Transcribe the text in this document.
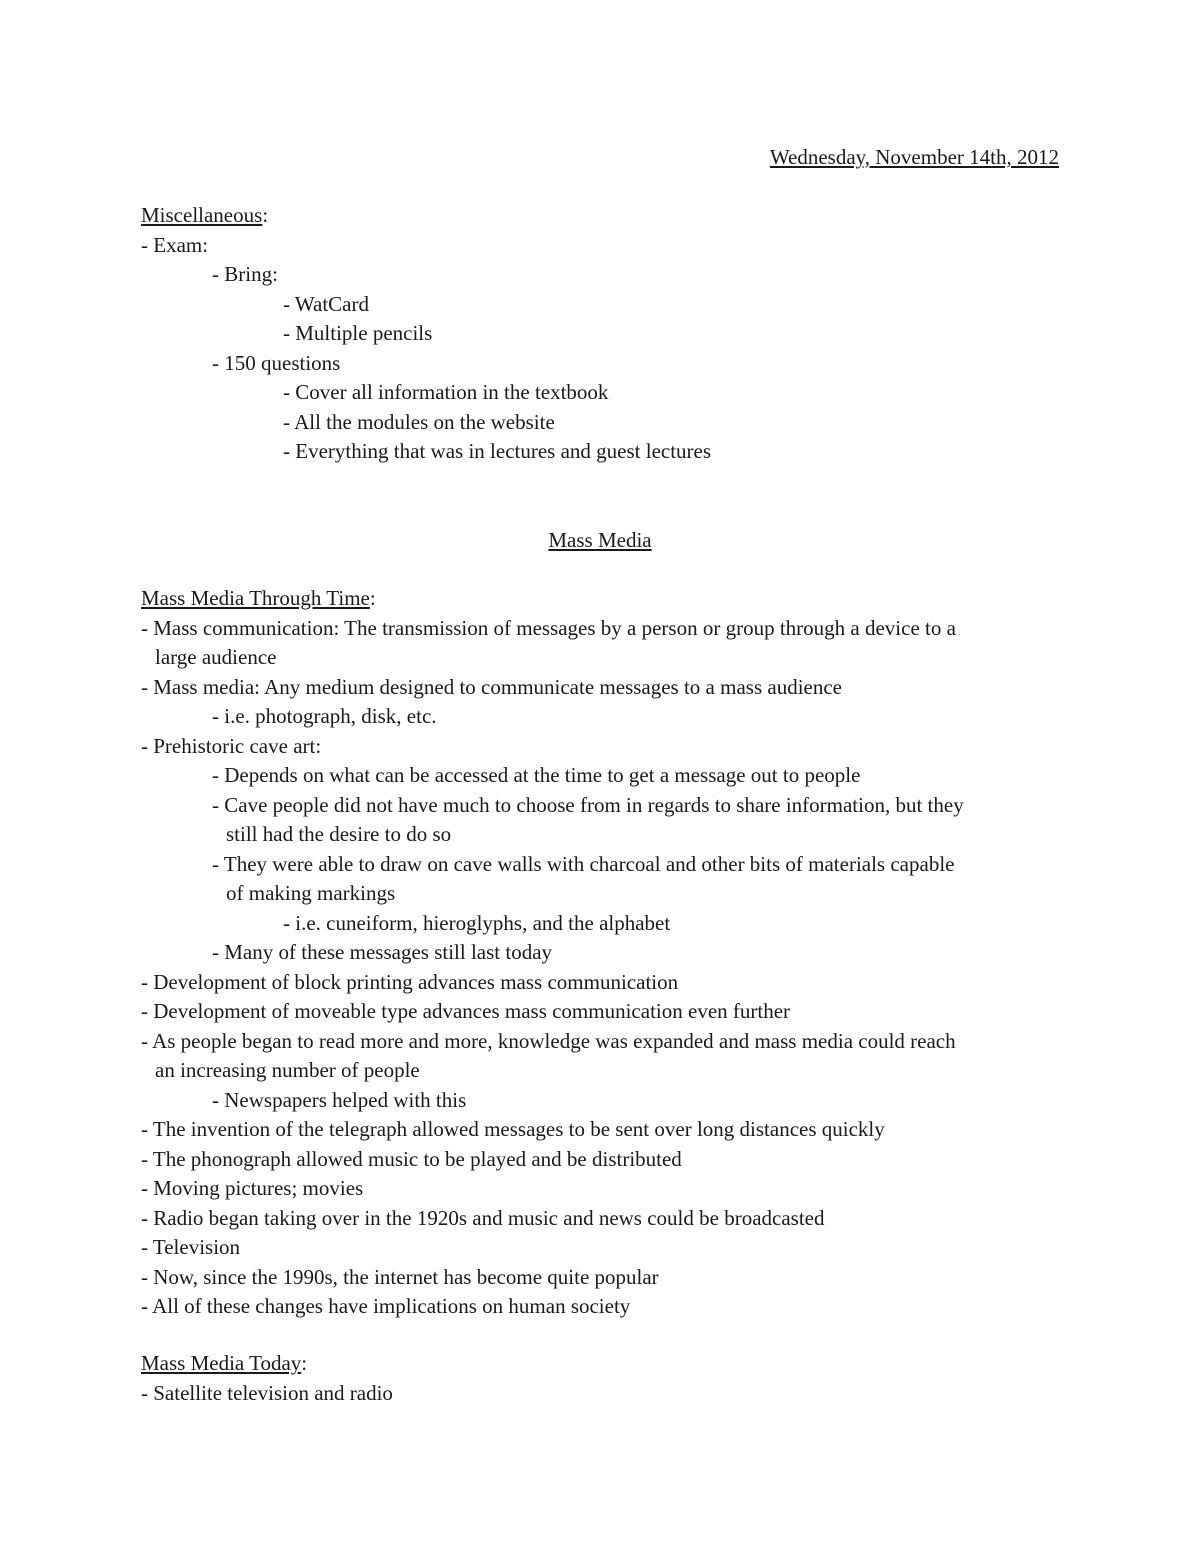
Wednesday, November 14th, 2012
Miscellaneous:
- Exam:
- Bring:
- WatCard
- Multiple pencils
- 150 questions
- Cover all information in the textbook
- All the modules on the website
- Everything that was in lectures and guest lectures
Mass Media
Mass Media Through Time:
- Mass communication: The transmission of messages by a person or group through a device to a
large audience
- Mass media: Any medium designed to communicate messages to a mass audience
- i.e. photograph, disk, etc.
- Prehistoric cave art:
- Depends on what can be accessed at the time to get a message out to people
- Cave people did not have much to choose from in regards to share information, but they
still had the desire to do so
- They were able to draw on cave walls with charcoal and other bits of materials capable
of making markings
- i.e. cuneiform, hieroglyphs, and the alphabet
- Many of these messages still last today
- Development of block printing advances mass communication
- Development of moveable type advances mass communication even further
- As people began to read more and more, knowledge was expanded and mass media could reach
an increasing number of people
- Newspapers helped with this
- The invention of the telegraph allowed messages to be sent over long distances quickly
- The phonograph allowed music to be played and be distributed
- Moving pictures; movies
- Radio began taking over in the 1920s and music and news could be broadcasted
- Television
- Now, since the 1990s, the internet has become quite popular
- All of these changes have implications on human society
Mass Media Today:
- Satellite television and radio
